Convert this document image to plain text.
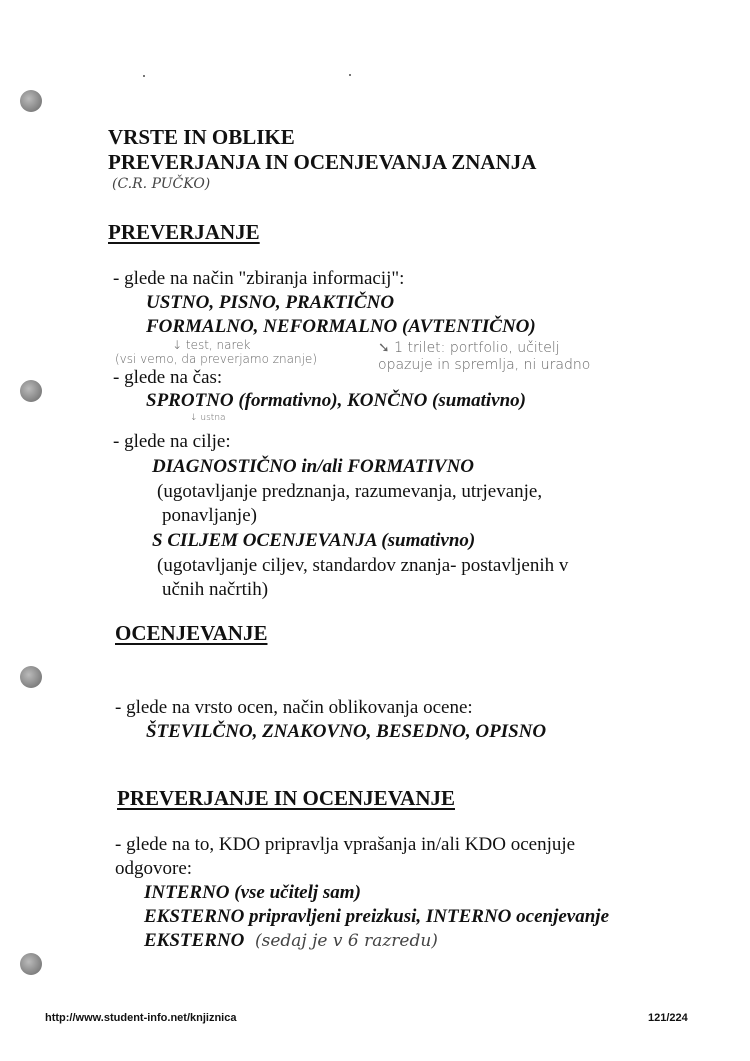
VRSTE IN OBLIKE
PREVERJANJA IN OCENJEVANJA ZNANJA
(C.R. PUČKO)
PREVERJANJE
- glede na način "zbiranja informacij":
USTNO, PISNO, PRAKTIČNO
FORMALNO, NEFORMALNO (AVTENTIČNO)
↓ test, narek
(vsi vemo, da preverjamo znanje)
➘ 1 trilet: portfolio, učitelj
opazuje in spremlja, ni uradno
- glede na čas:
SPROTNO (formativno), KONČNO (sumativno)
↓ ustna
- glede na cilje:
DIAGNOSTIČNO in/ali FORMATIVNO
(ugotavljanje predznanja, razumevanja, utrjevanje,
ponavljanje)
S CILJEM OCENJEVANJA (sumativno)
(ugotavljanje ciljev, standardov znanja- postavljenih v
učnih načrtih)
OCENJEVANJE
- glede na vrsto ocen, način oblikovanja ocene:
ŠTEVILČNO, ZNAKOVNO, BESEDNO, OPISNO
PREVERJANJE IN OCENJEVANJE
- glede na to, KDO pripravlja vprašanja in/ali KDO ocenjuje
odgovore:
INTERNO (vse učitelj sam)
EKSTERNO pripravljeni preizkusi, INTERNO ocenjevanje
EKSTERNO (sedaj je v 6 razredu)
http://www.student-info.net/knjiznica	121/224
